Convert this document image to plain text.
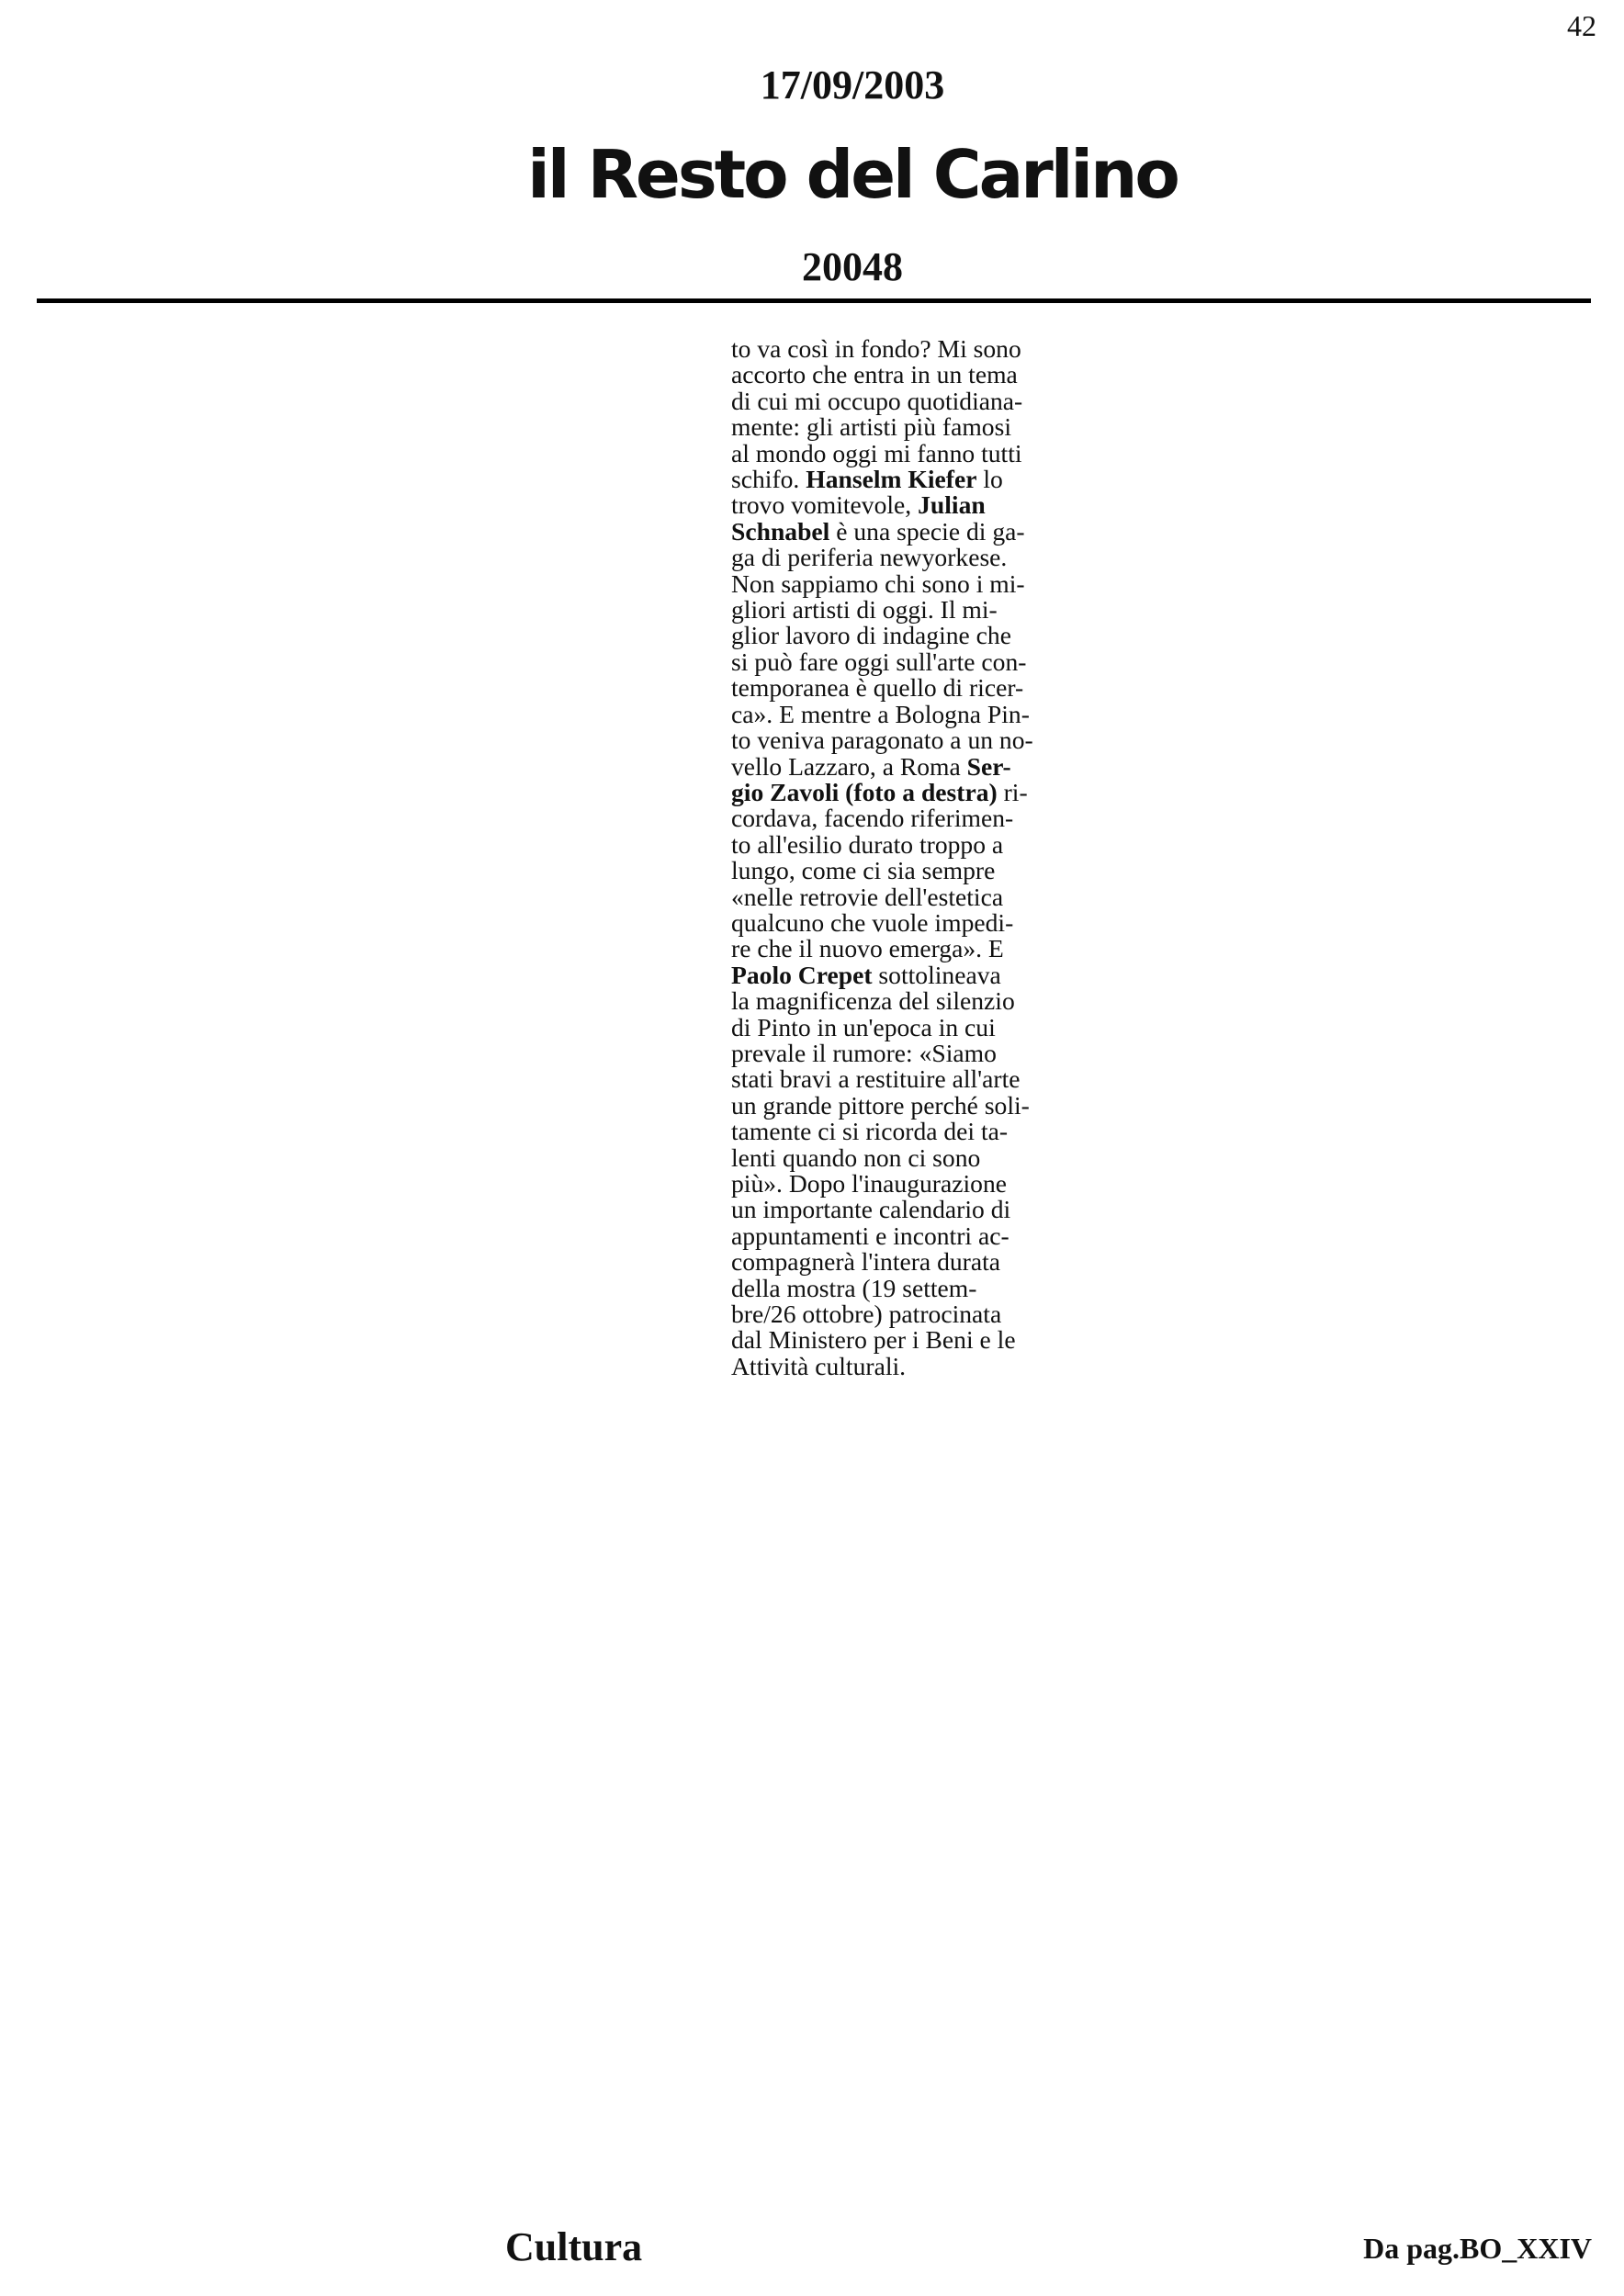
42
17/09/2003
il Resto del Carlino
20048
to va così in fondo? Mi sono
accorto che entra in un tema
di cui mi occupo quotidiana-
mente: gli artisti più famosi
al mondo oggi mi fanno tutti
schifo. Hanselm Kiefer lo
trovo vomitevole, Julian
Schnabel è una specie di ga-
ga di periferia newyorkese.
Non sappiamo chi sono i mi-
gliori artisti di oggi. Il mi-
glior lavoro di indagine che
si può fare oggi sull'arte con-
temporanea è quello di ricer-
ca». E mentre a Bologna Pin-
to veniva paragonato a un no-
vello Lazzaro, a Roma Ser-
gio Zavoli (foto a destra) ri-
cordava, facendo riferimen-
to all'esilio durato troppo a
lungo, come ci sia sempre
«nelle retrovie dell'estetica
qualcuno che vuole impedi-
re che il nuovo emerga». E
Paolo Crepet sottolineava
la magnificenza del silenzio
di Pinto in un'epoca in cui
prevale il rumore: «Siamo
stati bravi a restituire all'arte
un grande pittore perché soli-
tamente ci si ricorda dei ta-
lenti quando non ci sono
più». Dopo l'inaugurazione
un importante calendario di
appuntamenti e incontri ac-
compagnerà l'intera durata
della mostra (19 settem-
bre/26 ottobre) patrocinata
dal Ministero per i Beni e le
Attività culturali.
Cultura	Da pag.BO_XXIV
